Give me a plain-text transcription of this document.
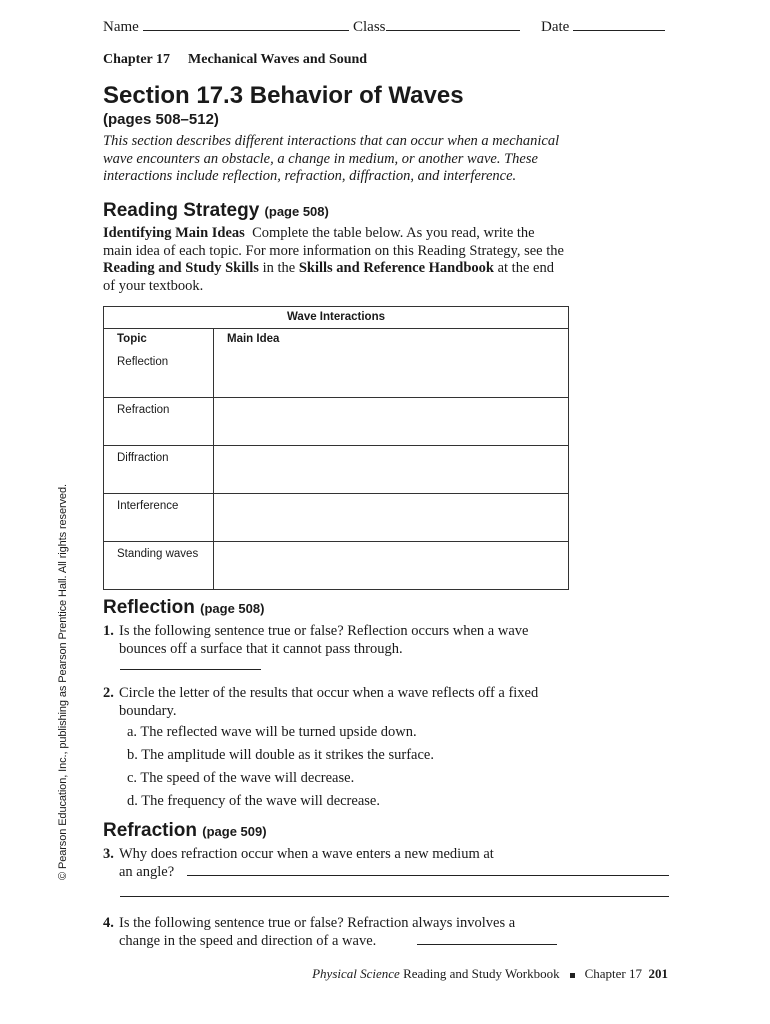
Name	Class	Date
Chapter 17 Mechanical Waves and Sound
Section 17.3 Behavior of Waves
(pages 508–512)
This section describes different interactions that can occur when a mechanical wave encounters an obstacle, a change in medium, or another wave. These interactions include reflection, refraction, diffraction, and interference.
Reading Strategy (page 508)
Identifying Main Ideas Complete the table below. As you read, write the main idea of each topic. For more information on this Reading Strategy, see the Reading and Study Skills in the Skills and Reference Handbook at the end of your textbook.
Wave Interactions	
Topic	Main Idea
Reflection	
Refraction	
Diffraction	
Interference	
Standing waves	
Reflection (page 508)
1. Is the following sentence true or false? Reflection occurs when a wave bounces off a surface that it cannot pass through.
2. Circle the letter of the results that occur when a wave reflects off a fixed boundary.
a. The reflected wave will be turned upside down.
b. The amplitude will double as it strikes the surface.
c. The speed of the wave will decrease.
d. The frequency of the wave will decrease.
Refraction (page 509)
3. Why does refraction occur when a wave enters a new medium at
an angle?
4. Is the following sentence true or false? Refraction always involves a
change in the speed and direction of a wave.
© Pearson Education, Inc., publishing as Pearson Prentice Hall. All rights reserved.
Physical Science Reading and Study Workbook Chapter 17 201
